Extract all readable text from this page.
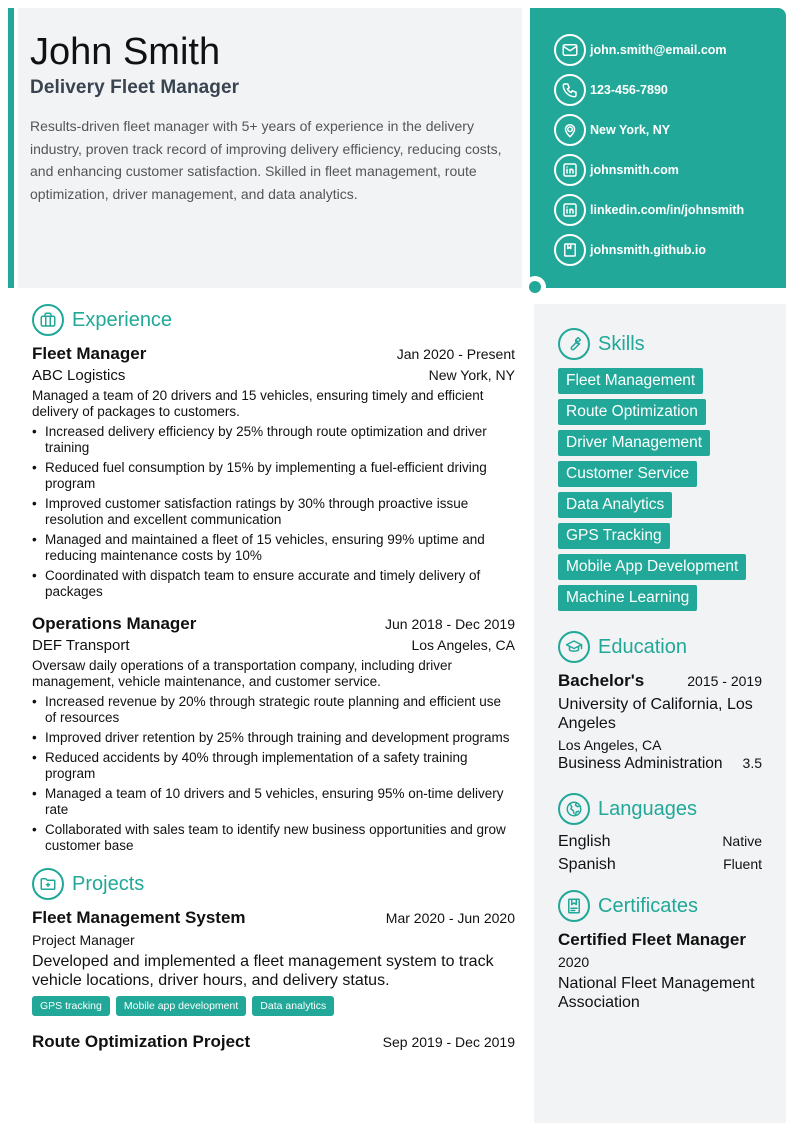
John Smith
Delivery Fleet Manager

Results-driven fleet manager with 5+ years of experience in the delivery industry, proven track record of improving delivery efficiency, reducing costs, and enhancing customer satisfaction. Skilled in fleet management, route optimization, driver management, and data analytics.

john.smith@email.com
123-456-7890
New York, NY
johnsmith.com
linkedin.com/in/johnsmith
johnsmith.github.io
Experience
Fleet Manager	Jan 2020 - Present
ABC Logistics	New York, NY

Managed a team of 20 drivers and 15 vehicles, ensuring timely and efficient delivery of packages to customers.

• Increased delivery efficiency by 25% through route optimization and driver training
• Reduced fuel consumption by 15% by implementing a fuel-efficient driving program
• Improved customer satisfaction ratings by 30% through proactive issue resolution and excellent communication
• Managed and maintained a fleet of 15 vehicles, ensuring 99% uptime and reducing maintenance costs by 10%
• Coordinated with dispatch team to ensure accurate and timely delivery of packages
Operations Manager	Jun 2018 - Dec 2019
DEF Transport	Los Angeles, CA

Oversaw daily operations of a transportation company, including driver management, vehicle maintenance, and customer service.

• Increased revenue by 20% through strategic route planning and efficient use of resources
• Improved driver retention by 25% through training and development programs
• Reduced accidents by 40% through implementation of a safety training program
• Managed a team of 10 drivers and 5 vehicles, ensuring 95% on-time delivery rate
• Collaborated with sales team to identify new business opportunities and grow customer base
Projects
Fleet Management System	Mar 2020 - Jun 2020
Project Manager

Developed and implemented a fleet management system to track vehicle locations, driver hours, and delivery status.

GPS tracking	Mobile app development	Data analytics
Route Optimization Project	Sep 2019 - Dec 2019
Skills
Fleet Management
Route Optimization
Driver Management
Customer Service
Data Analytics
GPS Tracking
Mobile App Development
Machine Learning
Education
Bachelor's	2015 - 2019
University of California, Los Angeles
Los Angeles, CA
Business Administration 3.5
Languages
English	Native
Spanish	Fluent
Certificates
Certified Fleet Manager
2020
National Fleet Management Association
